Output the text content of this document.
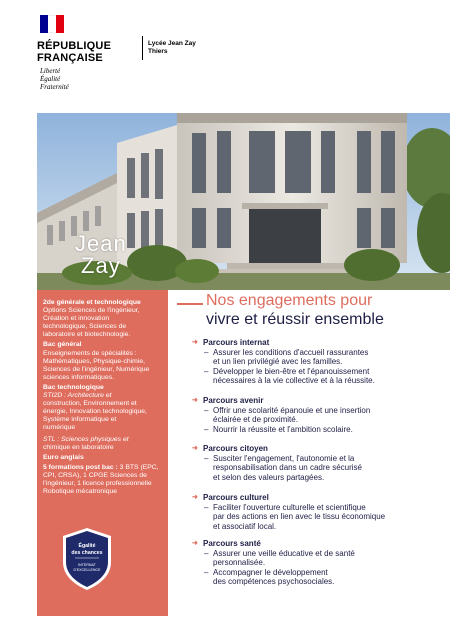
RÉPUBLIQUE
FRANÇAISE
Liberté
Égalité
Fraternité
Lycée Jean Zay
Thiers
Jean
Zay
2de générale et technologique
Options Sciences de l'ingénieur,
Création et innovation
technologique, Sciences de
laboratoire et biotechnologie.
Bac général
Enseignements de spécialités :
Mathématiques, Physique-chimie,
Sciences de l'ingénieur, Numérique
sciences informatiques.
Bac technologique
STI2D : Architecture et
construction, Environnement et
énergie, Innovation technologique,
Système informatique et
numérique
STL : Sciences physiques et
chimique en laboratoire
Euro anglais
5 formations post bac : 3 BTS (EPC,
CPI, CRSA), 1 CPGE Sciences de
l'ingénieur, 1 licence professionnelle
Robotique mécatronique
Égalité
des chances
INTERNAT
D'EXCELLENCE
Nos engagements pour
vivre et réussir ensemble
➜ Parcours internat
– Assurer les conditions d'accueil rassurantes
et un lien privilégié avec les familles.
– Développer le bien-être et l'épanouissement
nécessaires à la vie collective et à la réussite.
➜ Parcours avenir
– Offrir une scolarité épanouie et une insertion
éclairée et de proximité.
– Nourrir la réussite et l'ambition scolaire.
➜ Parcours citoyen
– Susciter l'engagement, l'autonomie et la
responsabilisation dans un cadre sécurisé
et selon des valeurs partagées.
➜ Parcours culturel
– Faciliter l'ouverture culturelle et scientifique
par des actions en lien avec le tissu économique
et associatif local.
➜ Parcours santé
– Assurer une veille éducative et de santé
personnalisée.
– Accompagner le développement
des compétences psychosociales.
